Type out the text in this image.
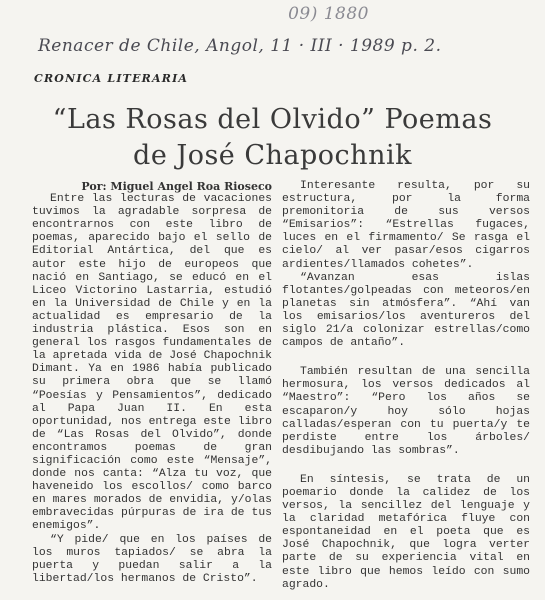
09) 1880
Renacer de Chile, Angol, 11 · III · 1989 p. 2.
CRONICA LITERARIA
“Las Rosas del Olvido” Poemas
de José Chapochnik
Por: Miguel Angel Roa Rioseco

Entre las lecturas de vacaciones tuvimos la agradable sorpresa de encontrarnos con este libro de poemas, aparecido bajo el sello de Editorial Antártica, del que es autor este hijo de europeos que nació en Santiago, se educó en el Liceo Victorino Lastarria, estudió en la Universidad de Chile y en la actualidad es empresario de la industria plástica. Esos son en general los rasgos fundamentales de la apretada vida de José Chapochnik Dimant. Ya en 1986 había publicado su primera obra que se llamó “Poesías y Pensamientos”, dedicado al Papa Juan II. En esta oportunidad, nos entrega este libro de “Las Rosas del Olvido”, donde encontramos poemas de gran significación como este “Mensaje”, donde nos canta: “Alza tu voz, que haveneido los escollos/ como barco en mares morados de envidia, y/olas embravecidas púrpuras de ira de tus enemigos”.

“Y pide/ que en los países de los muros tapiados/ se abra la puerta y puedan salir a la libertad/los hermanos de Cristo”.

Interesante resulta, por su estructura, por la forma premonitoria de sus versos “Emisarios”: “Estrellas fugaces, luces en el firmamento/ Se rasga el cielo/ al ver pasar/esos cigarros ardientes/llamados cohetes”.

“Avanzan esas islas flotantes/golpeadas con meteoros/en planetas sin atmósfera”. “Ahí van los emisarios/los aventureros del siglo 21/a colonizar estrellas/como campos de antaño”.

También resultan de una sencilla hermosura, los versos dedicados al “Maestro”: “Pero los años se escaparon/y hoy sólo hojas calladas/esperan con tu puerta/y te perdiste entre los árboles/ desdibujando las sombras”.

En síntesis, se trata de un poemario donde la calidez de los versos, la sencillez del lenguaje y la claridad metafórica fluye con espontaneidad en el poeta que es José Chapochnik, que logra verter parte de su experiencia vital en este libro que hemos leído con sumo agrado.
